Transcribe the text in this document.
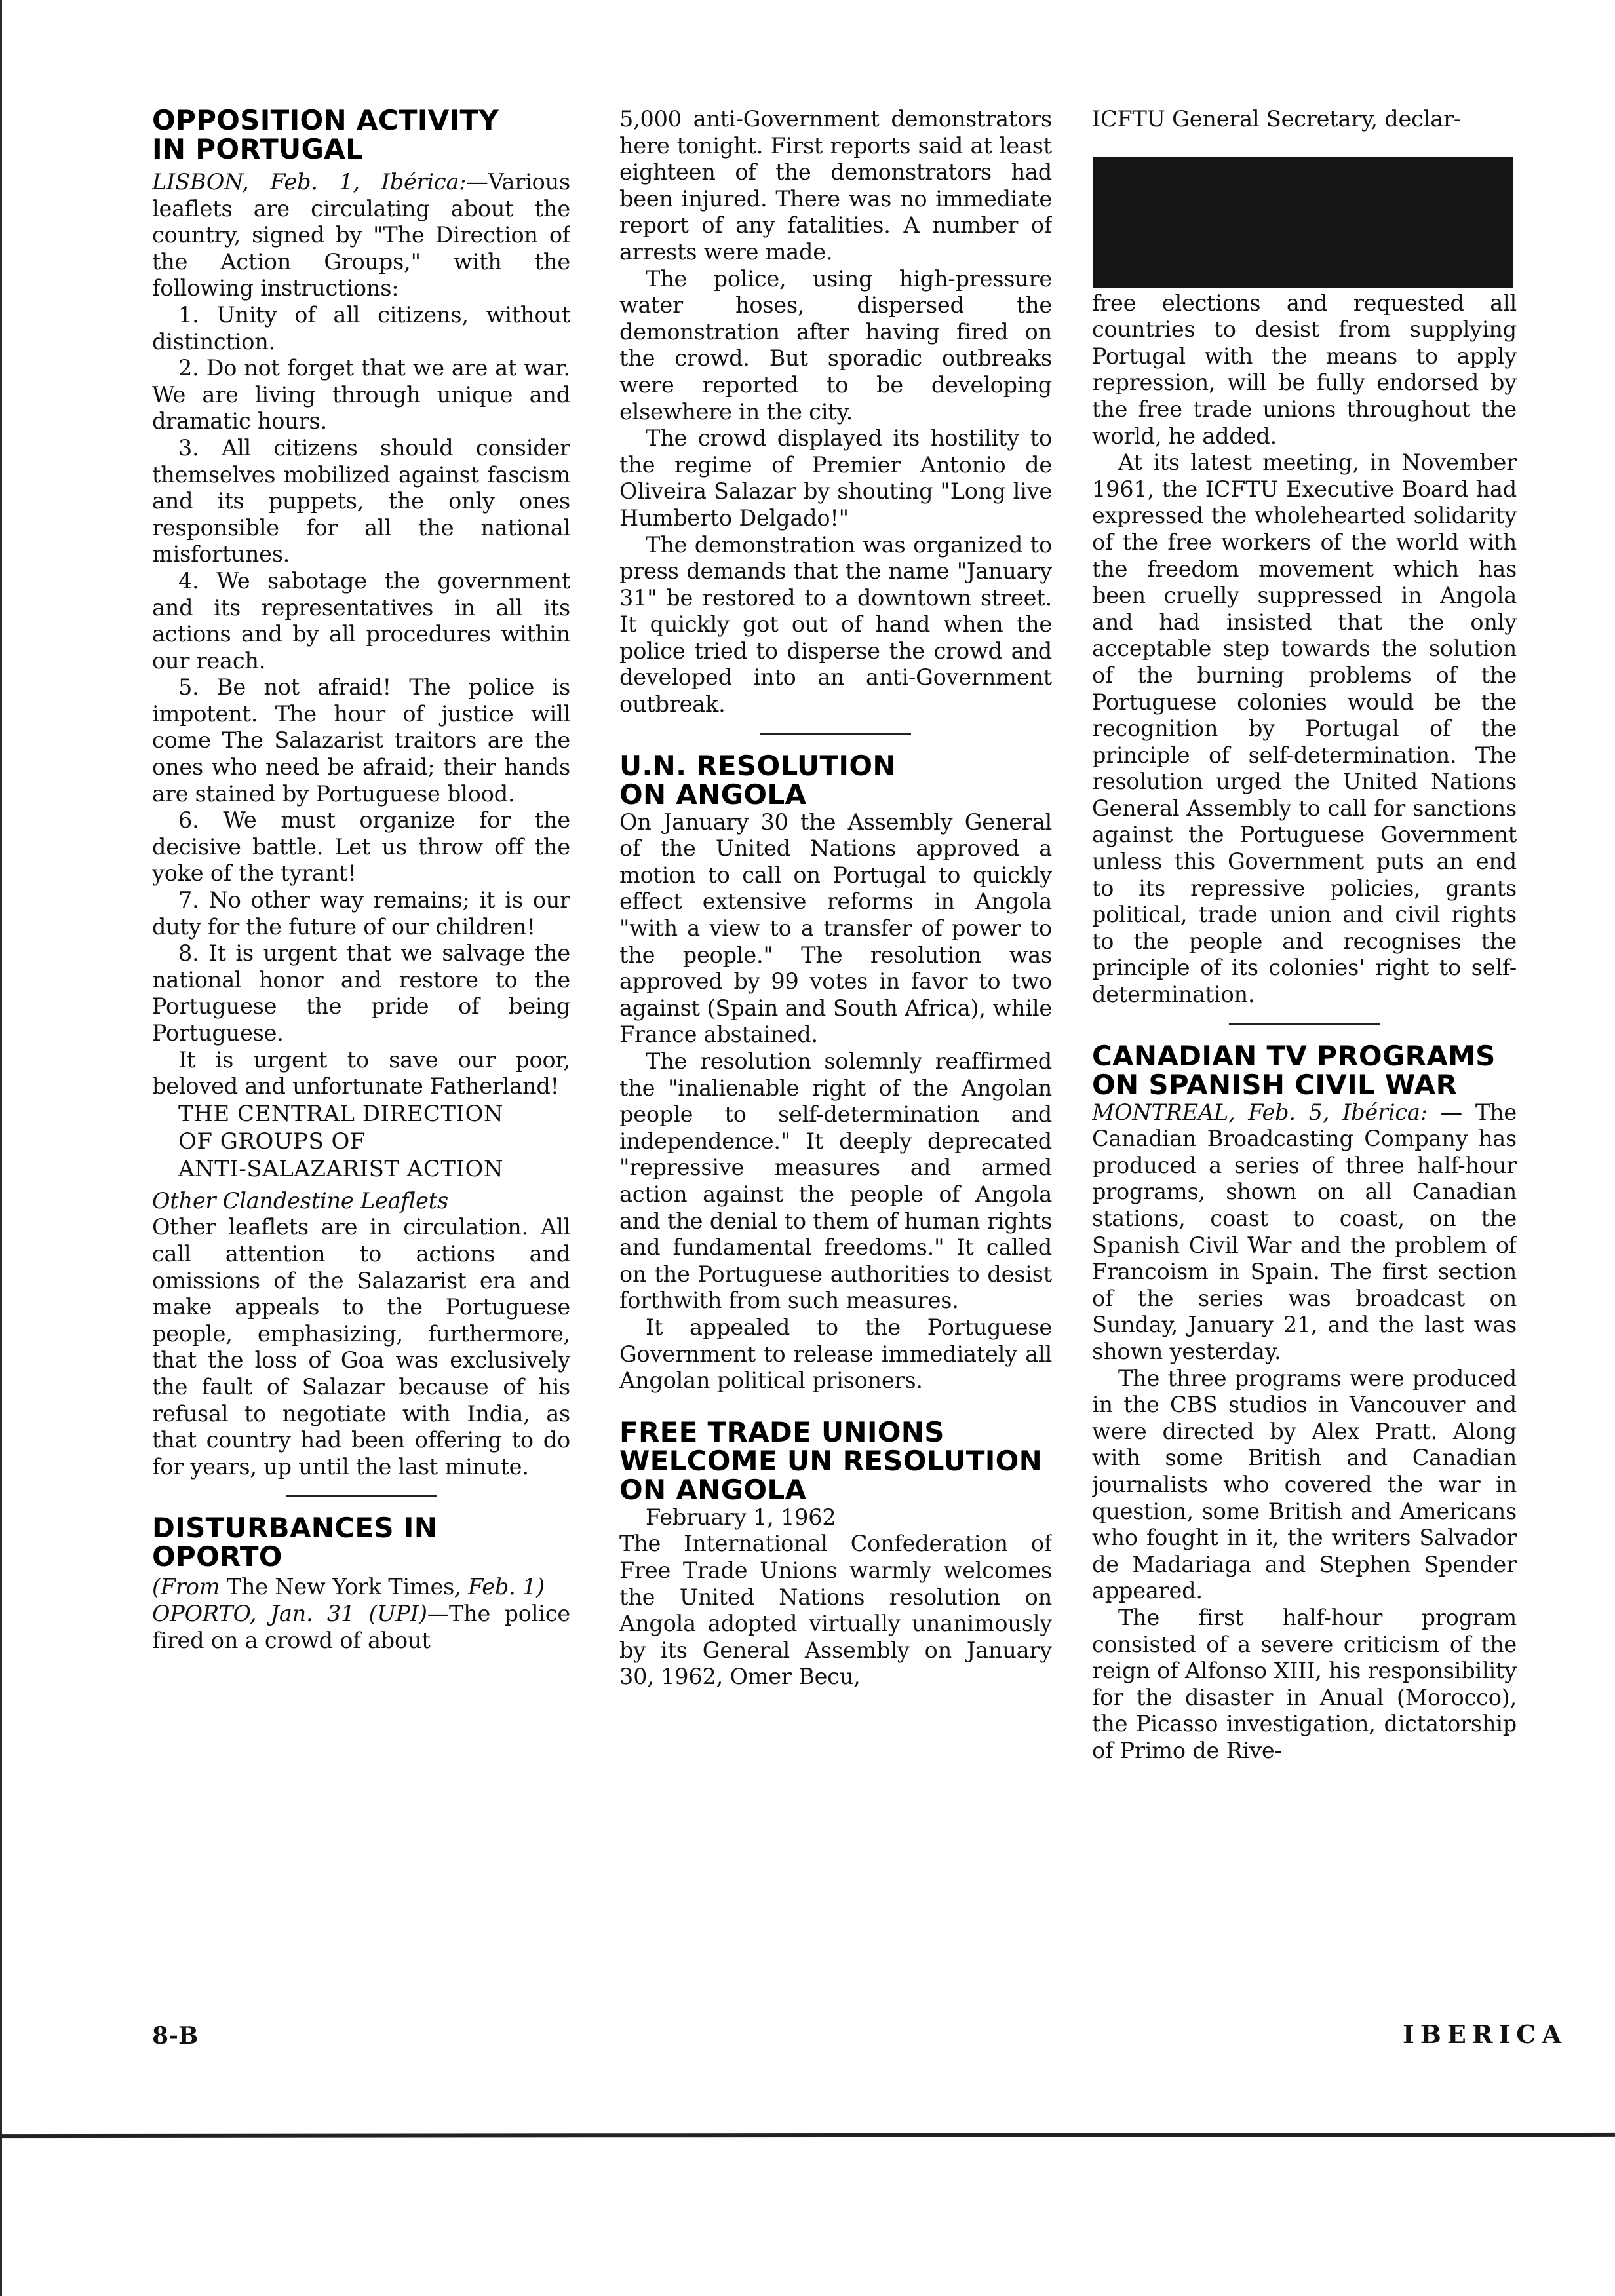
OPPOSITION ACTIVITY
IN PORTUGAL

LISBON, Feb. 1, Ibérica:—Various leaflets are circulating about the country, signed by "The Direction of the Action Groups," with the following instructions:

1. Unity of all citizens, without distinction.

2. Do not forget that we are at war. We are living through unique and dramatic hours.

3. All citizens should consider themselves mobilized against fascism and its puppets, the only ones responsible for all the national misfortunes.

4. We sabotage the government and its representatives in all its actions and by all procedures within our reach.

5. Be not afraid! The police is impotent. The hour of justice will come The Salazarist traitors are the ones who need be afraid; their hands are stained by Portuguese blood.

6. We must organize for the decisive battle. Let us throw off the yoke of the tyrant!

7. No other way remains; it is our duty for the future of our children!

8. It is urgent that we salvage the national honor and restore to the Portuguese the pride of being Portuguese.

It is urgent to save our poor, beloved and unfortunate Fatherland!

THE CENTRAL DIRECTION

OF GROUPS OF

ANTI-SALAZARIST ACTION

Other Clandestine Leaflets

Other leaflets are in circulation. All call attention to actions and omissions of the Salazarist era and make appeals to the Portuguese people, emphasizing, furthermore, that the loss of Goa was exclusively the fault of Salazar because of his refusal to negotiate with India, as that country had been offering to do for years, up until the last minute.

DISTURBANCES IN
OPORTO

(From The New York Times, Feb. 1)

OPORTO, Jan. 31 (UPI)—The police fired on a crowd of about

5,000 anti-Government demonstrators here tonight. First reports said at least eighteen of the demonstrators had been injured. There was no immediate report of any fatalities. A number of arrests were made.

The police, using high-pressure water hoses, dispersed the demonstration after having fired on the crowd. But sporadic outbreaks were reported to be developing elsewhere in the city.

The crowd displayed its hostility to the regime of Premier Antonio de Oliveira Salazar by shouting "Long live Humberto Delgado!"

The demonstration was organized to press demands that the name "January 31" be restored to a downtown street. It quickly got out of hand when the police tried to disperse the crowd and developed into an anti-Government outbreak.

U.N. RESOLUTION
ON ANGOLA

On January 30 the Assembly General of the United Nations approved a motion to call on Portugal to quickly effect extensive reforms in Angola "with a view to a transfer of power to the people." The resolution was approved by 99 votes in favor to two against (Spain and South Africa), while France abstained.

The resolution solemnly reaffirmed the "inalienable right of the Angolan people to self-determination and independence." It deeply deprecated "repressive measures and armed action against the people of Angola and the denial to them of human rights and fundamental freedoms." It called on the Portuguese authorities to desist forthwith from such measures.

It appealed to the Portuguese Government to release immediately all Angolan political prisoners.

FREE TRADE UNIONS
WELCOME UN RESOLUTION
ON ANGOLA

February 1, 1962

The International Confederation of Free Trade Unions warmly welcomes the United Nations resolution on Angola adopted virtually unanimously by its General Assembly on January 30, 1962, Omer Becu,

ICFTU General Secretary, declar-

free elections and requested all countries to desist from supplying Portugal with the means to apply repression, will be fully endorsed by the free trade unions throughout the world, he added.

At its latest meeting, in November 1961, the ICFTU Executive Board had expressed the wholehearted solidarity of the free workers of the world with the freedom movement which has been cruelly suppressed in Angola and had insisted that the only acceptable step towards the solution of the burning problems of the Portuguese colonies would be the recognition by Portugal of the principle of self-determination. The resolution urged the United Nations General Assembly to call for sanctions against the Portuguese Government unless this Government puts an end to its repressive policies, grants political, trade union and civil rights to the people and recognises the principle of its colonies' right to self-determination.

CANADIAN TV PROGRAMS
ON SPANISH CIVIL WAR

MONTREAL, Feb. 5, Ibérica: — The Canadian Broadcasting Company has produced a series of three half-hour programs, shown on all Canadian stations, coast to coast, on the Spanish Civil War and the problem of Francoism in Spain. The first section of the series was broadcast on Sunday, January 21, and the last was shown yesterday.

The three programs were produced in the CBS studios in Vancouver and were directed by Alex Pratt. Along with some British and Canadian journalists who covered the war in question, some British and Americans who fought in it, the writers Salvador de Madariaga and Stephen Spender appeared.

The first half-hour program consisted of a severe criticism of the reign of Alfonso XIII, his responsibility for the disaster in Anual (Morocco), the Picasso investigation, dictatorship of Primo de Rive-

8-B	IBERICA
